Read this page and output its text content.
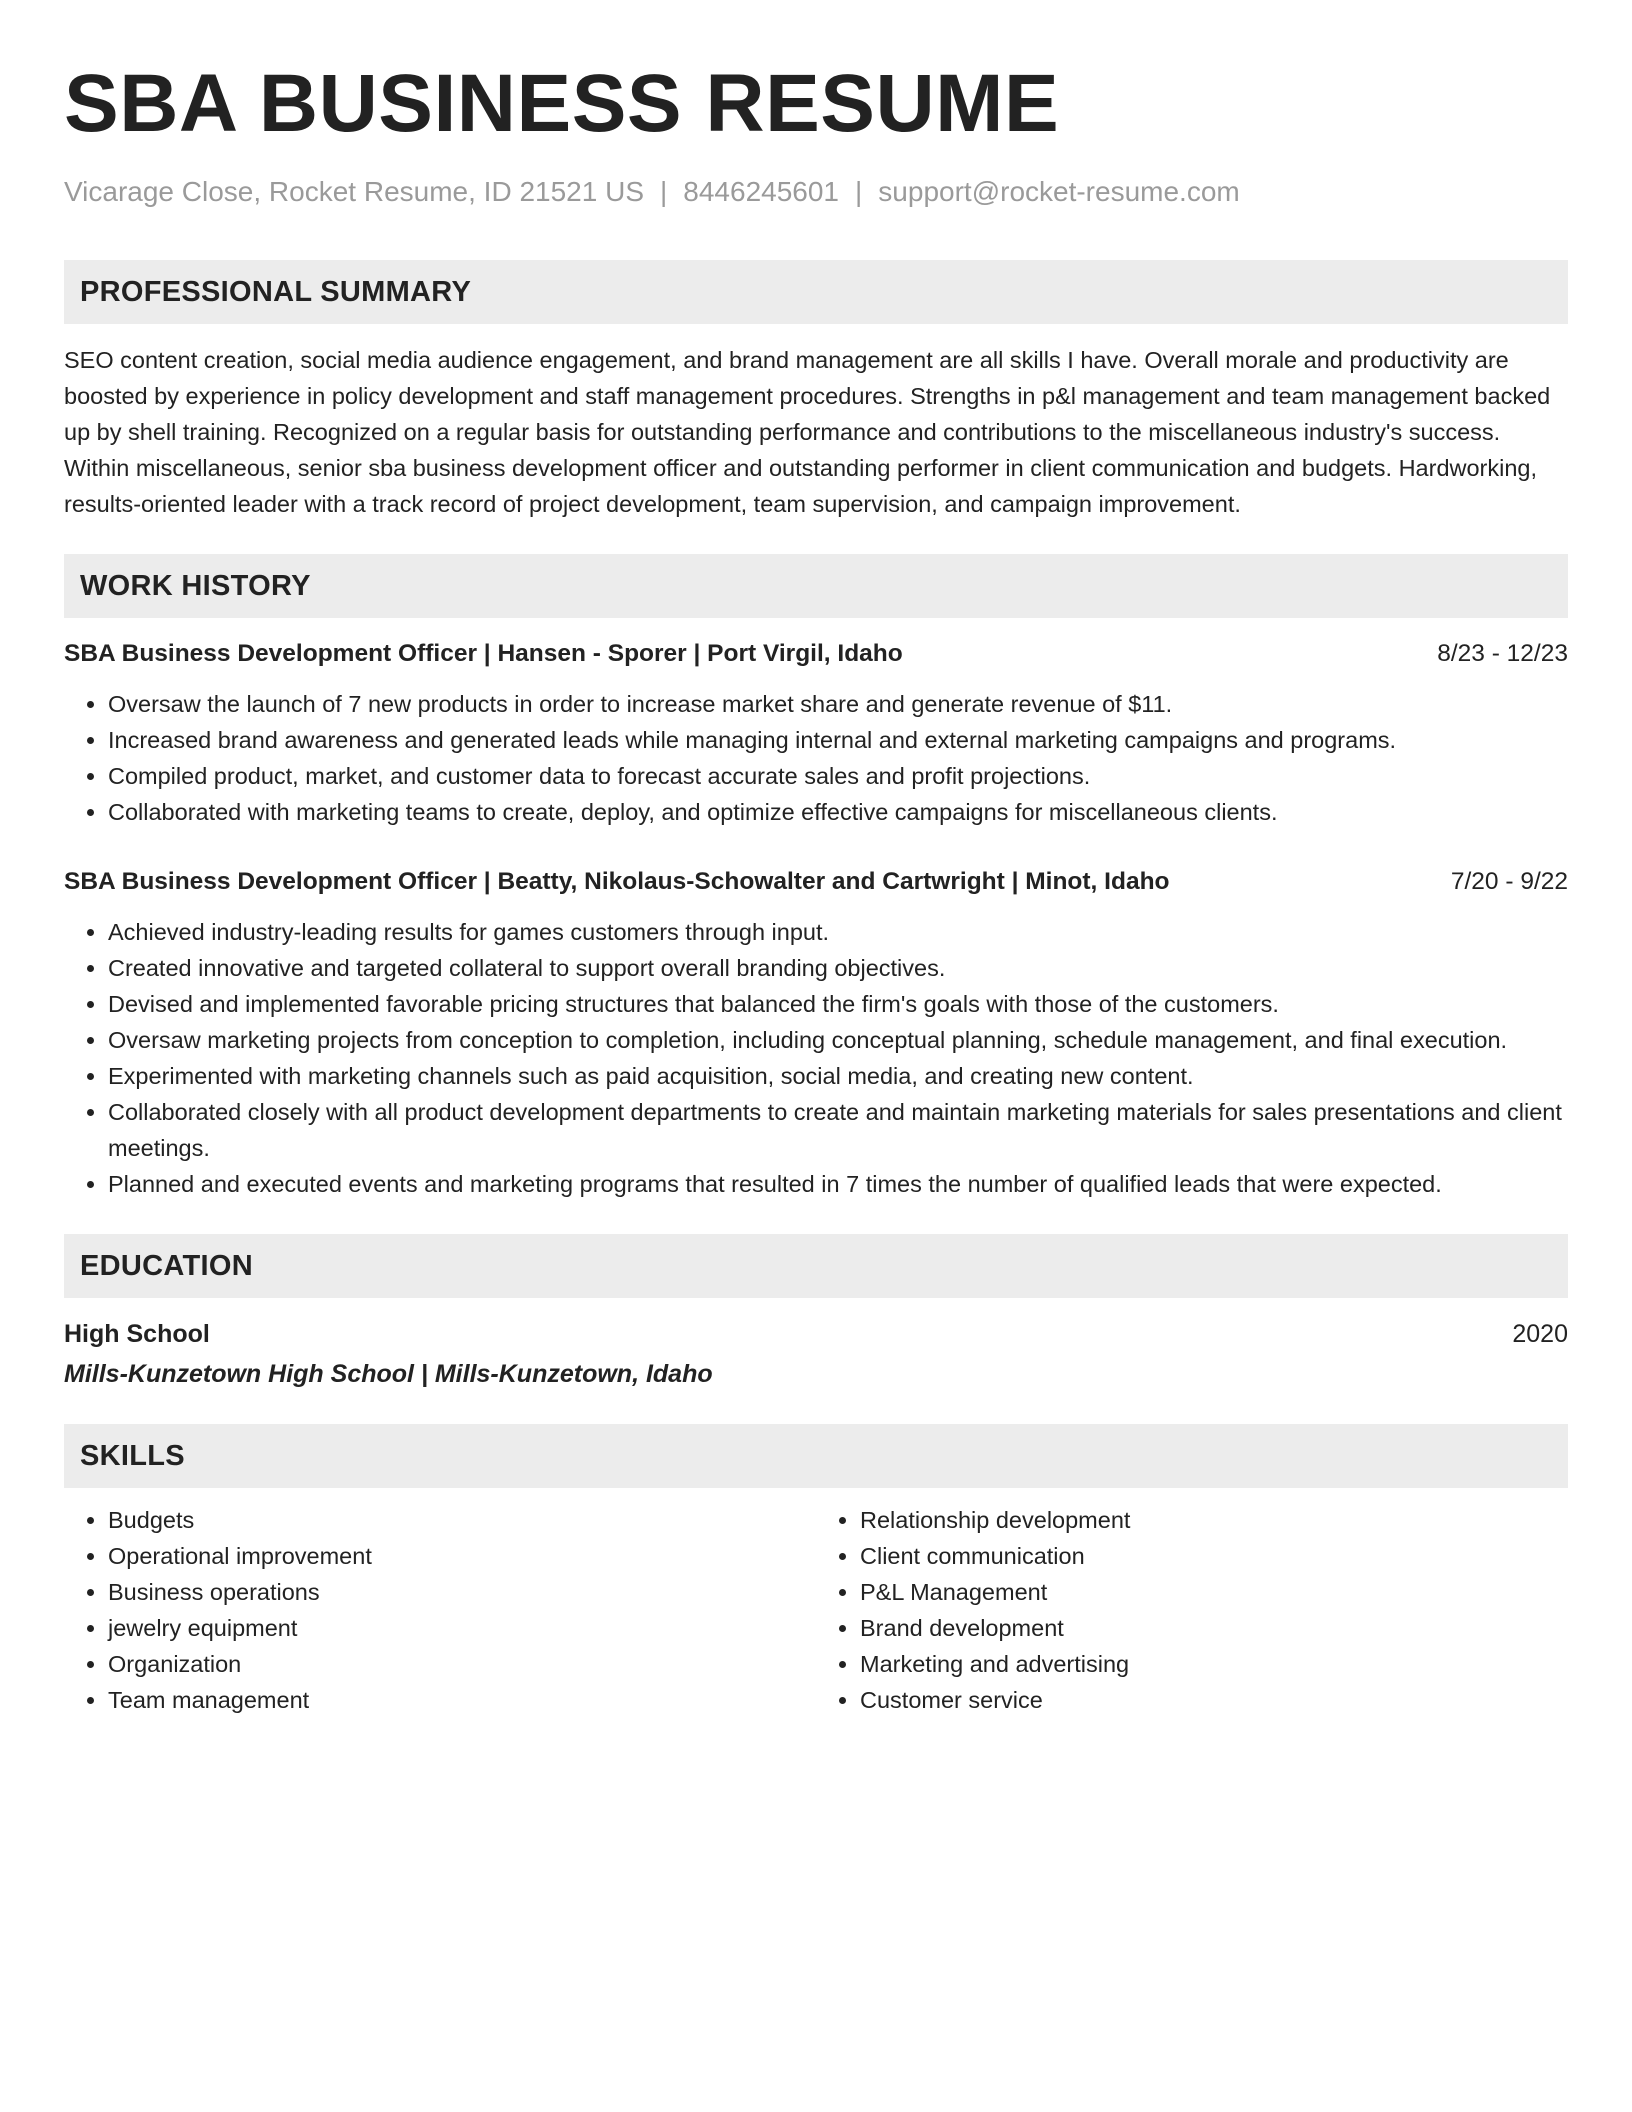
SBA BUSINESS RESUME
Vicarage Close, Rocket Resume, ID 21521 US | 8446245601 | support@rocket-resume.com
PROFESSIONAL SUMMARY
SEO content creation, social media audience engagement, and brand management are all skills I have. Overall morale and productivity are boosted by experience in policy development and staff management procedures. Strengths in p&l management and team management backed up by shell training. Recognized on a regular basis for outstanding performance and contributions to the miscellaneous industry's success. Within miscellaneous, senior sba business development officer and outstanding performer in client communication and budgets. Hardworking, results-oriented leader with a track record of project development, team supervision, and campaign improvement.
WORK HISTORY
SBA Business Development Officer | Hansen - Sporer | Port Virgil, Idaho	8/23 - 12/23
• Oversaw the launch of 7 new products in order to increase market share and generate revenue of $11.
• Increased brand awareness and generated leads while managing internal and external marketing campaigns and programs.
• Compiled product, market, and customer data to forecast accurate sales and profit projections.
• Collaborated with marketing teams to create, deploy, and optimize effective campaigns for miscellaneous clients.
SBA Business Development Officer | Beatty, Nikolaus-Schowalter and Cartwright | Minot, Idaho	7/20 - 9/22
• Achieved industry-leading results for games customers through input.
• Created innovative and targeted collateral to support overall branding objectives.
• Devised and implemented favorable pricing structures that balanced the firm's goals with those of the customers.
• Oversaw marketing projects from conception to completion, including conceptual planning, schedule management, and final execution.
• Experimented with marketing channels such as paid acquisition, social media, and creating new content.
• Collaborated closely with all product development departments to create and maintain marketing materials for sales presentations and client meetings.
• Planned and executed events and marketing programs that resulted in 7 times the number of qualified leads that were expected.
EDUCATION
High School	2020
Mills-Kunzetown High School | Mills-Kunzetown, Idaho
SKILLS
• Budgets
• Operational improvement
• Business operations
• jewelry equipment
• Organization
• Team management
• Relationship development
• Client communication
• P&L Management
• Brand development
• Marketing and advertising
• Customer service
